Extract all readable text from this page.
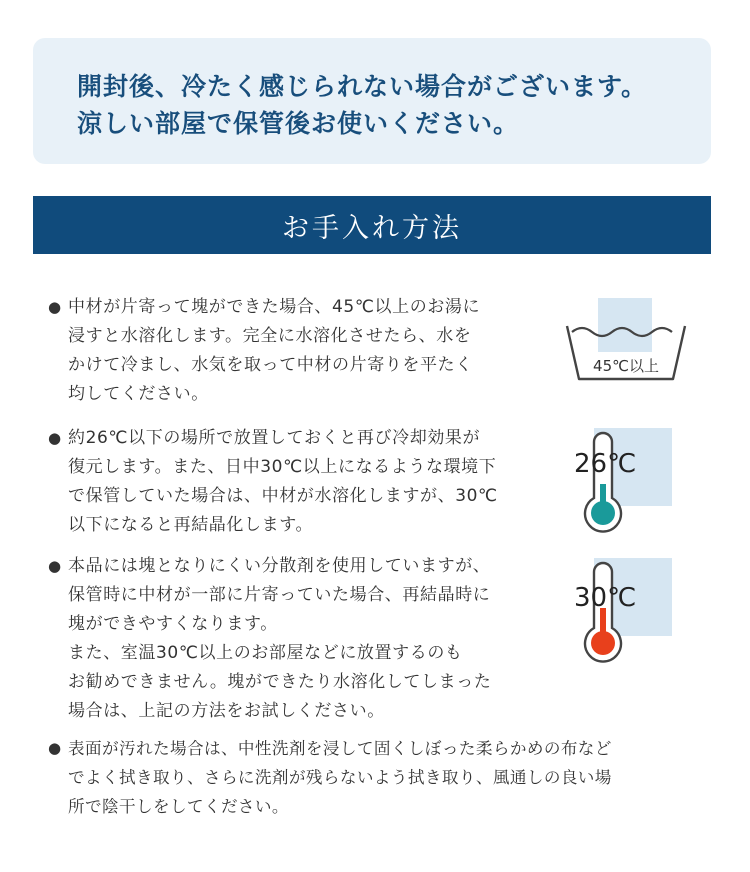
開封後、冷たく感じられない場合がございます。

涼しい部屋で保管後お使いください。

お手入れ方法
● 中材が片寄って塊ができた場合、45℃以上のお湯に
浸すと水溶化します。完全に水溶化させたら、水を
かけて冷まし、水気を取って中材の片寄りを平たく
均してください。
45℃以上
● 約26℃以下の場所で放置しておくと再び冷却効果が
復元します。また、日中30℃以上になるような環境下
で保管していた場合は、中材が水溶化しますが、30℃
以下になると再結晶化します。
26℃
● 本品には塊となりにくい分散剤を使用していますが、
保管時に中材が一部に片寄っていた場合、再結晶時に
塊ができやすくなります。
また、室温30℃以上のお部屋などに放置するのも
お勧めできません。塊ができたり水溶化してしまった
場合は、上記の方法をお試しください。
30℃
● 表面が汚れた場合は、中性洗剤を浸して固くしぼった柔らかめの布など
でよく拭き取り、さらに洗剤が残らないよう拭き取り、風通しの良い場
所で陰干しをしてください。
